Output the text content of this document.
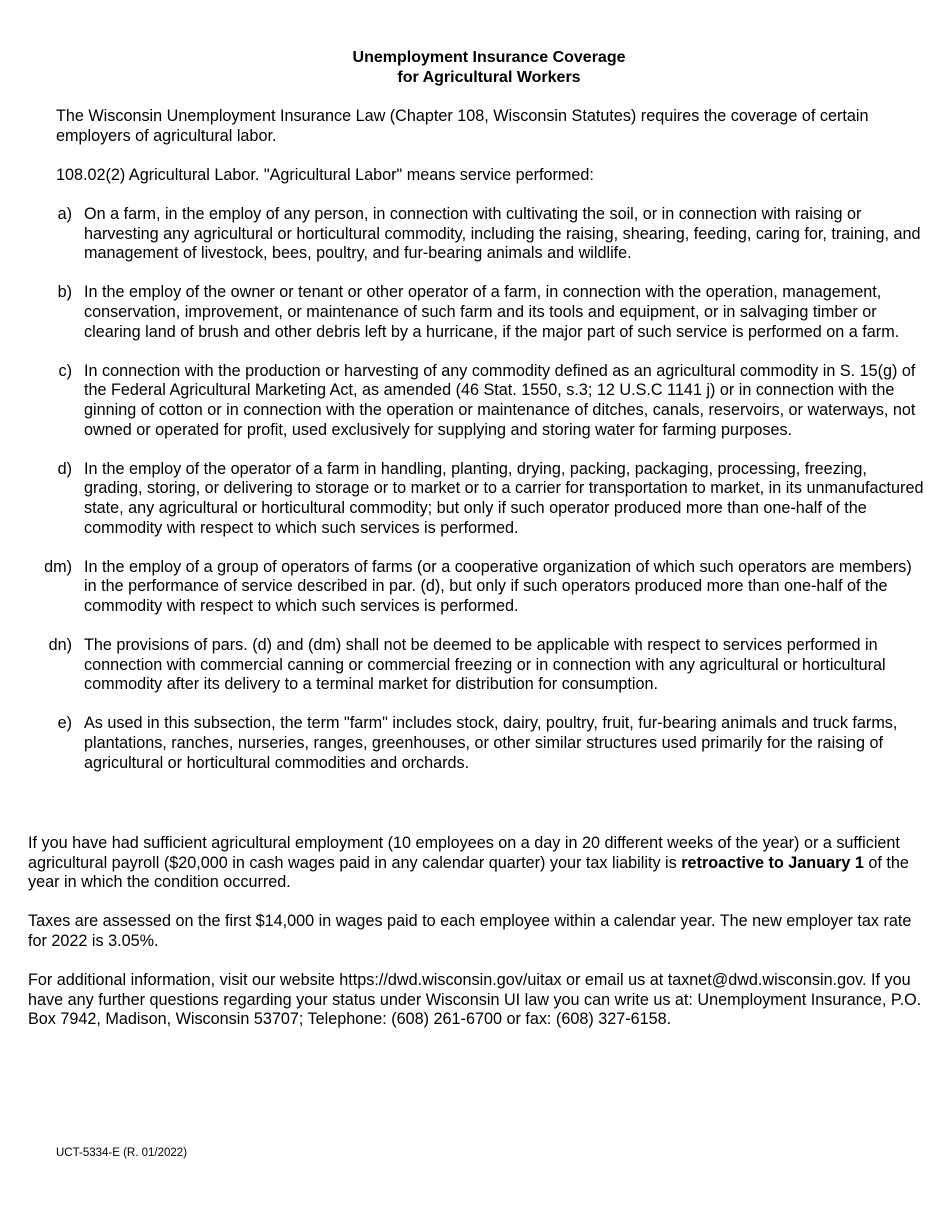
Unemployment Insurance Coverage
for Agricultural Workers

The Wisconsin Unemployment Insurance Law (Chapter 108, Wisconsin Statutes) requires the coverage of certain employers of agricultural labor.

108.02(2) Agricultural Labor. "Agricultural Labor" means service performed:

a) On a farm, in the employ of any person, in connection with cultivating the soil, or in connection with raising or harvesting any agricultural or horticultural commodity, including the raising, shearing, feeding, caring for, training, and management of livestock, bees, poultry, and fur-bearing animals and wildlife.
b) In the employ of the owner or tenant or other operator of a farm, in connection with the operation, management, conservation, improvement, or maintenance of such farm and its tools and equipment, or in salvaging timber or clearing land of brush and other debris left by a hurricane, if the major part of such service is performed on a farm.
c) In connection with the production or harvesting of any commodity defined as an agricultural commodity in S. 15(g) of the Federal Agricultural Marketing Act, as amended (46 Stat. 1550, s.3; 12 U.S.C 1141 j) or in connection with the ginning of cotton or in connection with the operation or maintenance of ditches, canals, reservoirs, or waterways, not owned or operated for profit, used exclusively for supplying and storing water for farming purposes.
d) In the employ of the operator of a farm in handling, planting, drying, packing, packaging, processing, freezing, grading, storing, or delivering to storage or to market or to a carrier for transportation to market, in its unmanufactured state, any agricultural or horticultural commodity; but only if such operator produced more than one-half of the commodity with respect to which such services is performed.
dm) In the employ of a group of operators of farms (or a cooperative organization of which such operators are members) in the performance of service described in par. (d), but only if such operators produced more than one-half of the commodity with respect to which such services is performed.
dn) The provisions of pars. (d) and (dm) shall not be deemed to be applicable with respect to services performed in connection with commercial canning or commercial freezing or in connection with any agricultural or horticultural commodity after its delivery to a terminal market for distribution for consumption.
e) As used in this subsection, the term "farm" includes stock, dairy, poultry, fruit, fur-bearing animals and truck farms, plantations, ranches, nurseries, ranges, greenhouses, or other similar structures used primarily for the raising of agricultural or horticultural commodities and orchards.

If you have had sufficient agricultural employment (10 employees on a day in 20 different weeks of the year) or a sufficient agricultural payroll ($20,000 in cash wages paid in any calendar quarter) your tax liability is retroactive to January 1 of the year in which the condition occurred.

Taxes are assessed on the first $14,000 in wages paid to each employee within a calendar year. The new employer tax rate for 2022 is 3.05%.

For additional information, visit our website https://dwd.wisconsin.gov/uitax or email us at taxnet@dwd.wisconsin.gov. If you have any further questions regarding your status under Wisconsin UI law you can write us at: Unemployment Insurance, P.O. Box 7942, Madison, Wisconsin 53707; Telephone: (608) 261-6700 or fax: (608) 327-6158.

UCT-5334-E (R. 01/2022)
